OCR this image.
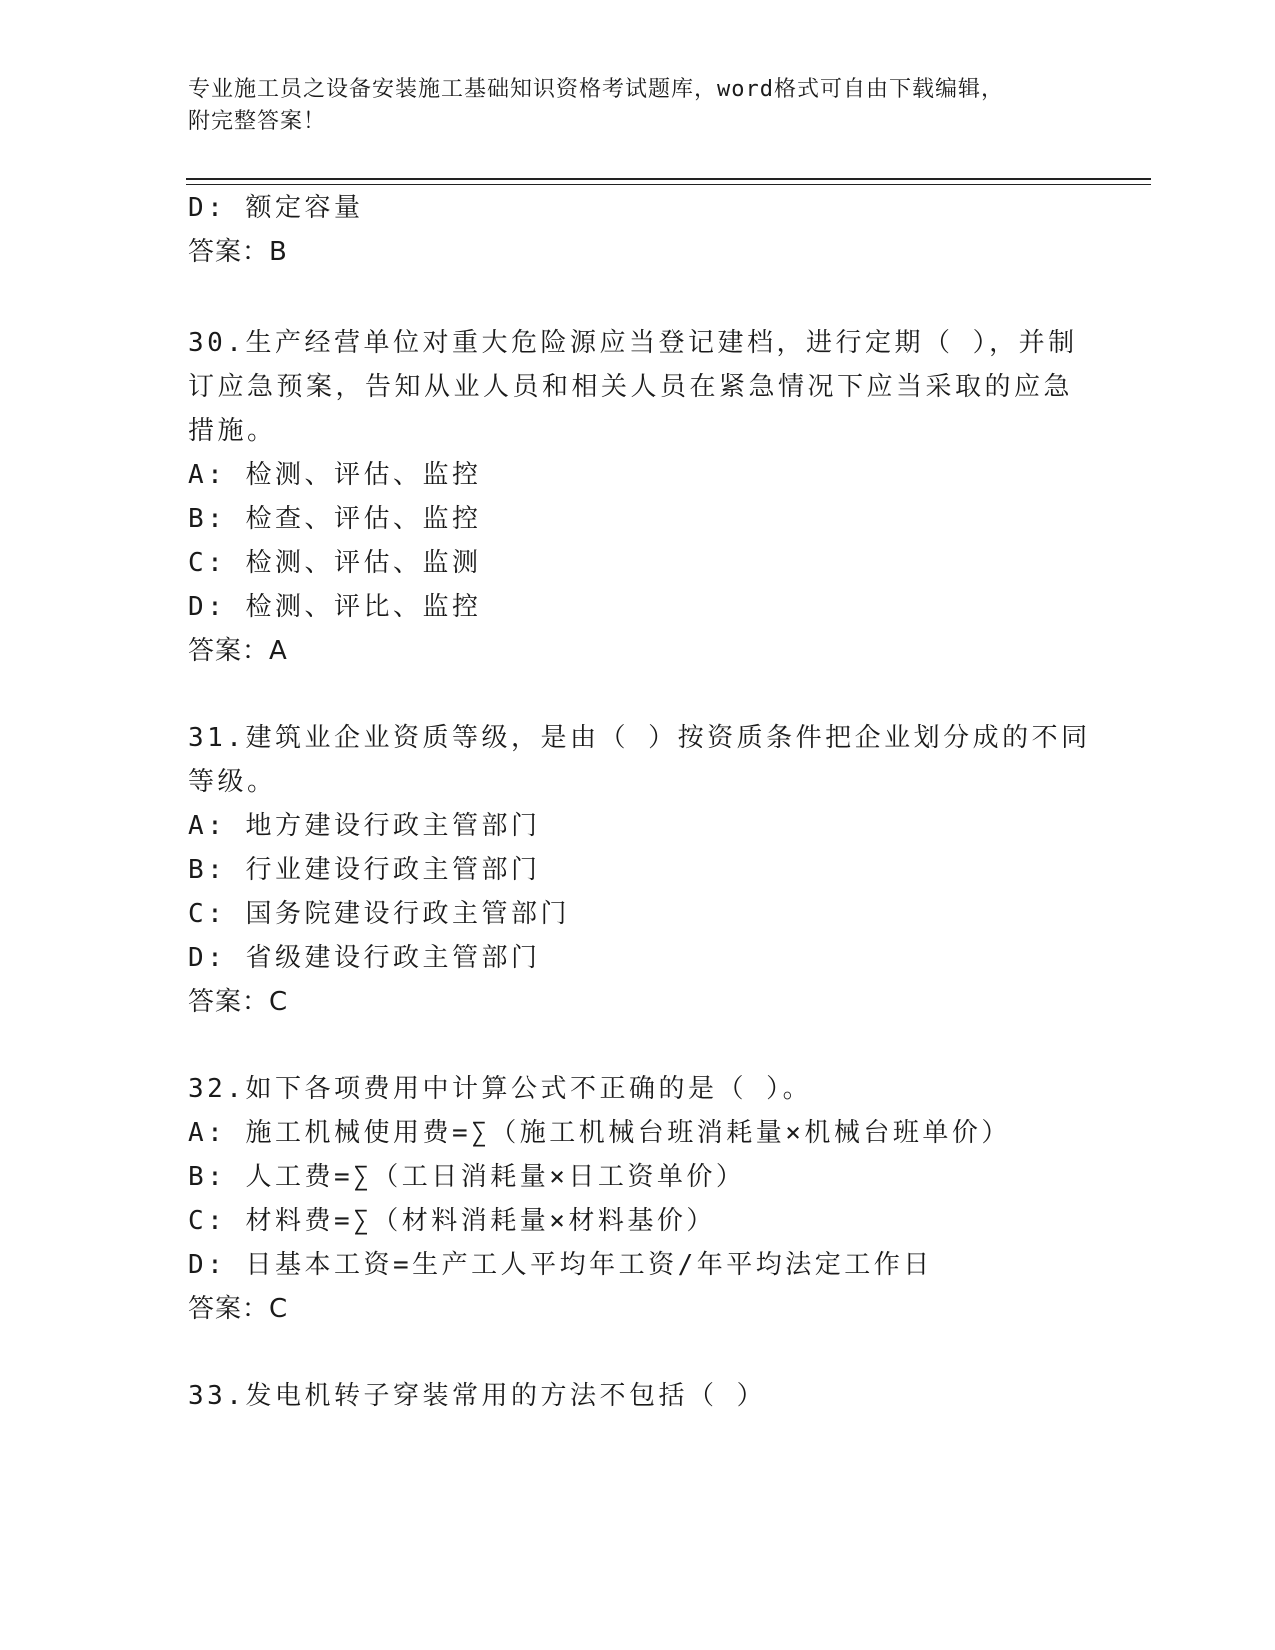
专业施工员之设备安装施工基础知识资格考试题库，word格式可自由下载编辑，
附完整答案！
D: 额定容量
答案：B
30.生产经营单位对重大危险源应当登记建档，进行定期（ ），并制
订应急预案，告知从业人员和相关人员在紧急情况下应当采取的应急
措施。
A: 检测、评估、监控
B: 检查、评估、监控
C: 检测、评估、监测
D: 检测、评比、监控
答案：A
31.建筑业企业资质等级，是由（ ）按资质条件把企业划分成的不同
等级。
A: 地方建设行政主管部门
B: 行业建设行政主管部门
C: 国务院建设行政主管部门
D: 省级建设行政主管部门
答案：C
32.如下各项费用中计算公式不正确的是（ ）。
A: 施工机械使用费=∑（施工机械台班消耗量×机械台班单价）
B: 人工费=∑（工日消耗量×日工资单价）
C: 材料费=∑（材料消耗量×材料基价）
D: 日基本工资=生产工人平均年工资/年平均法定工作日
答案：C
33.发电机转子穿装常用的方法不包括（ ）
